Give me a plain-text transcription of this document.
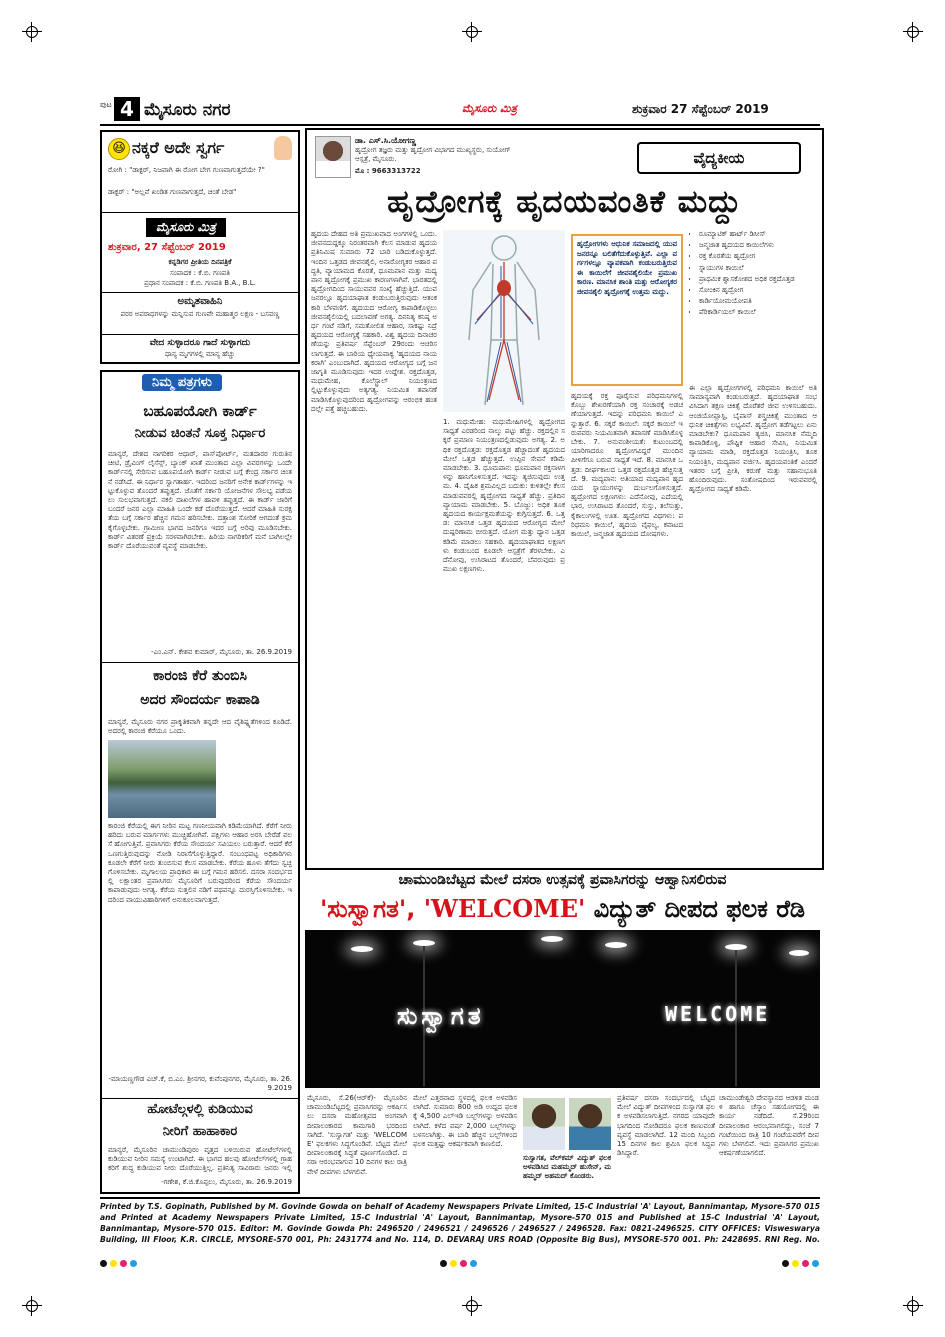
ಪುಟ 4 ಮೈಸೂರು ನಗರ	ಮೈಸೂರು ಮಿತ್ರ	ಶುಕ್ರವಾರ 27 ಸೆಪ್ಟೆಂಬರ್ 2019
😆 ನಕ್ಕರೆ ಅದೇ ಸ್ವರ್ಗ
ರೋಗಿ : "ಡಾಕ್ಟರ್, ನಿಜವಾಗಿ ಈ ರೋಗ ಬೇಗ ಗುಣವಾಗುತ್ತದೆಯೇ ?"
ಡಾಕ್ಟರ್ : "ಅಲ್ಲವೆ ಖಂಡಿತ ಗುಣವಾಗುತ್ತದೆ, ಚಿಂತೆ ಬೇಡ"
ಮೈಸೂರು ಮಿತ್ರ
ಶುಕ್ರವಾರ, 27 ಸೆಪ್ಟೆಂಬರ್ 2019
ಕನ್ನಡಿಗರ ಪ್ರೀತಿಯ ದಿನಪತ್ರಿಕೆ
ಸಂಪಾದಕ : ಕೆ.ಬಿ. ಗಣಪತಿ
ಪ್ರಧಾನ ಸಂಪಾದಕ : ಕೆ.ಬಿ. ಗಣಪತಿ B.A., B.L.
ಅಮೃತವಾಹಿನಿ
ಪರರ ಅಪರಾಧಗಳನ್ನು ಮನ್ನಿಸುವ ಗುಣವೇ ಮಹಾತ್ಮರ ಲಕ್ಷಣ - ಬಸವಣ್ಣ
ವೇದ ಸುಳ್ಳಾದರೂ ಗಾದೆ ಸುಳ್ಳಾಗದು
ಧಾನ್ಯ ಮೃಗಗಳಲ್ಲಿ ಮಾನ್ಯ ಹೆಚ್ಚು
ನಿಮ್ಮ ಪತ್ರಗಳು
ಬಹೂಪಯೋಗಿ ಕಾರ್ಡ್
ನೀಡುವ ಚಿಂತನೆ ಸೂಕ್ತ ನಿರ್ಧಾರ
ಮಾನ್ಯರೆ, ದೇಶದ ನಾಗರಿಕರ ಆಧಾರ್, ಪಾಸ್‌ಪೋರ್ಟ್, ಮತದಾರರ ಗುರುತಿನ ಚೀಟಿ, ಡ್ರೈವಿಂಗ್ ಲೈಸೆನ್ಸ್, ಬ್ಯಾಂಕ್ ಖಾತೆ ಮುಂತಾದ ಎಲ್ಲಾ ವಿವರಗಳನ್ನು ಒಂದೇ ಕಾರ್ಡ್‌ನಲ್ಲಿ ಸೇರಿಸುವ ಬಹೂಪಯೋಗಿ ಕಾರ್ಡ್ ನೀಡುವ ಬಗ್ಗೆ ಕೇಂದ್ರ ಸರ್ಕಾರ ಚಿಂತನೆ ನಡೆಸಿದೆ. ಈ ನಿರ್ಧಾರ ಸ್ವಾಗತಾರ್ಹ. ಇದರಿಂದ ಜನರಿಗೆ ಅನೇಕ ಕಾರ್ಡ್‌ಗಳನ್ನು ಇಟ್ಟುಕೊಳ್ಳುವ ತೊಂದರೆ ತಪ್ಪುತ್ತದೆ. ಜೊತೆಗೆ ಸರ್ಕಾರಿ ಯೋಜನೆಗಳ ಸೌಲಭ್ಯ ಪಡೆಯಲು ಸುಲಭವಾಗುತ್ತದೆ. ನಕಲಿ ದಾಖಲೆಗಳ ಹಾವಳಿ ತಪ್ಪುತ್ತದೆ. ಈ ಕಾರ್ಡ್ ಜಾರಿಗೆ ಬಂದರೆ ಜನರ ಎಲ್ಲಾ ಮಾಹಿತಿ ಒಂದೇ ಕಡೆ ದೊರೆಯುತ್ತದೆ. ಆದರೆ ಮಾಹಿತಿ ಸುರಕ್ಷತೆಯ ಬಗ್ಗೆ ಸರ್ಕಾರ ಹೆಚ್ಚಿನ ಗಮನ ಹರಿಸಬೇಕು. ದತ್ತಾಂಶ ಸೋರಿಕೆ ಆಗದಂತೆ ಕ್ರಮ ಕೈಗೊಳ್ಳಬೇಕು. ಗ್ರಾಮೀಣ ಭಾಗದ ಜನರಿಗೂ ಇದರ ಬಗ್ಗೆ ಅರಿವು ಮೂಡಿಸಬೇಕು. ಕಾರ್ಡ್ ವಿತರಣೆ ಪ್ರಕ್ರಿಯೆ ಸರಳವಾಗಿರಬೇಕು. ಹಿರಿಯ ನಾಗರಿಕರಿಗೆ ಮನೆ ಬಾಗಿಲಲ್ಲೇ ಕಾರ್ಡ್ ದೊರೆಯುವಂತೆ ವ್ಯವಸ್ಥೆ ಮಾಡಬೇಕು.
-ಎಂ.ಎನ್. ಕೇಶವ ಕುಮಾರ್, ಮೈಸೂರು, ತಾ. 26.9.2019
ಕಾರಂಜಿ ಕೆರೆ ತುಂಬಿಸಿ
ಅದರ ಸೌಂದರ್ಯ ಕಾಪಾಡಿ
ಮಾನ್ಯರೆ, ಮೈಸೂರು ನಗರ ಪ್ರಾಕೃತಿಕವಾಗಿ ತನ್ನದೇ ಆದ ವೈಶಿಷ್ಟ್ಯತೆಗಳಿಂದ ಕೂಡಿದೆ. ಅದರಲ್ಲಿ ಕಾರಂಜಿ ಕೆರೆಯೂ ಒಂದು.
ಕಾರಂಜಿ ಕೆರೆಯಲ್ಲಿ ಈಗ ನೀರಿನ ಮಟ್ಟ ಗಣನೀಯವಾಗಿ ಕಡಿಮೆಯಾಗಿದೆ. ಕೆರೆಗೆ ನೀರು ಹರಿದು ಬರುವ ಮಾರ್ಗಗಳು ಮುಚ್ಚಿಹೋಗಿವೆ. ಪಕ್ಷಿಗಳು ಆಹಾರ ಅರಸಿ ಬೇರೆಡೆ ವಲಸೆ ಹೋಗುತ್ತಿವೆ. ಪ್ರವಾಸಿಗರು ಕೆರೆಯ ಸೌಂದರ್ಯ ಸವಿಯಲು ಬರುತ್ತಾರೆ. ಆದರೆ ಕೆರೆ ಒಣಗುತ್ತಿರುವುದನ್ನು ನೋಡಿ ನಿರಾಸೆಗೊಳ್ಳುತ್ತಿದ್ದಾರೆ. ಸಂಬಂಧಪಟ್ಟ ಅಧಿಕಾರಿಗಳು ಕೂಡಲೇ ಕೆರೆಗೆ ನೀರು ತುಂಬಿಸುವ ಕೆಲಸ ಮಾಡಬೇಕು. ಕೆರೆಯ ಹೂಳು ತೆಗೆದು ಸ್ವಚ್ಛಗೊಳಿಸಬೇಕು. ಮೃಗಾಲಯ ಪ್ರಾಧಿಕಾರ ಈ ಬಗ್ಗೆ ಗಮನ ಹರಿಸಲಿ. ದಸರಾ ಸಂದರ್ಭದಲ್ಲಿ ಲಕ್ಷಾಂತರ ಪ್ರವಾಸಿಗರು ಮೈಸೂರಿಗೆ ಬರುವುದರಿಂದ ಕೆರೆಯ ಸೌಂದರ್ಯ ಕಾಪಾಡುವುದು ಅಗತ್ಯ. ಕೆರೆಯ ಸುತ್ತಲಿನ ನಡಿಗೆ ಪಥವನ್ನೂ ದುರಸ್ತಿಗೊಳಿಸಬೇಕು. ಇದರಿಂದ ವಾಯುವಿಹಾರಿಗಳಿಗೆ ಅನುಕೂಲವಾಗುತ್ತದೆ.
-ಮಾಯಣ್ಣಗೌಡ ಎಚ್.ಕೆ, ಬಿ.ಎಂ. ಶ್ರೀನಗರ, ಕುವೆಂಪುನಗರ, ಮೈಸೂರು, ತಾ. 26.9.2019
ಹೋಟೆಲ್ಗಳಲ್ಲಿ ಕುಡಿಯುವ
ನೀರಿಗೆ ಹಾಹಾಕಾರ
ಮಾನ್ಯರೆ, ಮೈಸೂರಿನ ಚಾಮುಂಡಿಪುರಂ ವೃತ್ತದ ಬಳಿಯಿರುವ ಹೋಟೆಲ್‌ಗಳಲ್ಲಿ ಕುಡಿಯುವ ನೀರಿನ ಸಮಸ್ಯೆ ಉಂಟಾಗಿದೆ. ಈ ಭಾಗದ ಹಲವು ಹೋಟೆಲ್‌ಗಳಲ್ಲಿ ಗ್ರಾಹಕರಿಗೆ ಶುದ್ಧ ಕುಡಿಯುವ ನೀರು ದೊರೆಯುತ್ತಿಲ್ಲ. ಪ್ರತಿನಿತ್ಯ ಸಾವಿರಾರು ಜನರು ಇಲ್ಲಿ
-ಗಣೇಶ, ಕೆ.ಜಿ.ಕೊಪ್ಪಲು, ಮೈಸೂರು, ತಾ. 26.9.2019
ಡಾ. ಎಸ್.ಸಿ.ಯೋಗಣ್ಣ
ಹೃದ್ರೋಗ ತಜ್ಞರು ಮತ್ತು ಹೃದ್ರೋಗ ವಿಭಾಗದ ಮುಖ್ಯಸ್ಥರು, ಸುಯೋಗ್ ಆಸ್ಪತ್ರೆ, ಮೈಸೂರು.
ಮೊ : 9663313722
ವೈದ್ಯಕೀಯ
ಹೃದ್ರೋಗಕ್ಕೆ ಹೃದಯವಂತಿಕೆ ಮದ್ದು
ಹೃದಯ ದೇಹದ ಅತಿ ಪ್ರಮುಖವಾದ ಅಂಗಗಳಲ್ಲಿ ಒಂದು. ಜೀವನದುದ್ದಕ್ಕೂ ನಿರಂತರವಾಗಿ ಕೆಲಸ ಮಾಡುವ ಹೃದಯ ಪ್ರತಿನಿಮಿಷ ಸುಮಾರು 72 ಬಾರಿ ಬಡಿದುಕೊಳ್ಳುತ್ತದೆ. ಇಂದಿನ ಒತ್ತಡದ ಜೀವನಶೈಲಿ, ಅನಾರೋಗ್ಯಕರ ಆಹಾರ ಪದ್ಧತಿ, ವ್ಯಾಯಾಮದ ಕೊರತೆ, ಧೂಮಪಾನ ಮತ್ತು ಮದ್ಯಪಾನ ಹೃದ್ರೋಗಕ್ಕೆ ಪ್ರಮುಖ ಕಾರಣಗಳಾಗಿವೆ. ಭಾರತದಲ್ಲಿ ಹೃದ್ರೋಗದಿಂದ ಸಾಯುವವರ ಸಂಖ್ಯೆ ಹೆಚ್ಚುತ್ತಿದೆ. ಯುವಜನರಲ್ಲೂ ಹೃದಯಾಘಾತ ಕಂಡುಬರುತ್ತಿರುವುದು ಆತಂಕಕಾರಿ ಬೆಳವಣಿಗೆ. ಹೃದಯದ ಆರೋಗ್ಯ ಕಾಪಾಡಿಕೊಳ್ಳಲು ಜೀವನಶೈಲಿಯಲ್ಲಿ ಬದಲಾವಣೆ ಅಗತ್ಯ. ದಿನನಿತ್ಯ ಕನಿಷ್ಠ ಅರ್ಧ ಗಂಟೆ ನಡಿಗೆ, ಸಮತೋಲಿತ ಆಹಾರ, ಸಾಕಷ್ಟು ನಿದ್ರೆ ಹೃದಯದ ಆರೋಗ್ಯಕ್ಕೆ ಸಹಕಾರಿ. ವಿಶ್ವ ಹೃದಯ ದಿನಾಚರಣೆಯನ್ನು ಪ್ರತಿವರ್ಷ ಸೆಪ್ಟೆಂಬರ್ 29ರಂದು ಆಚರಿಸಲಾಗುತ್ತದೆ. ಈ ಬಾರಿಯ ಧ್ಯೇಯವಾಕ್ಯ 'ಹೃದಯದ ನಾಯಕರಾಗಿ' ಎಂಬುದಾಗಿದೆ. ಹೃದಯದ ಆರೋಗ್ಯದ ಬಗ್ಗೆ ಜನಜಾಗೃತಿ ಮೂಡಿಸುವುದು ಇದರ ಉದ್ದೇಶ. ರಕ್ತದೊತ್ತಡ, ಮಧುಮೇಹ, ಕೊಲೆಸ್ಟ್ರಾಲ್ ನಿಯಂತ್ರಣದಲ್ಲಿಟ್ಟುಕೊಳ್ಳುವುದು ಅತ್ಯಗತ್ಯ. ನಿಯಮಿತ ತಪಾಸಣೆ ಮಾಡಿಸಿಕೊಳ್ಳುವುದರಿಂದ ಹೃದ್ರೋಗವನ್ನು ಆರಂಭಿಕ ಹಂತದಲ್ಲೇ ಪತ್ತೆ ಹಚ್ಚಬಹುದು.
1. ಮಧುಮೇಹ: ಮಧುಮೇಹಿಗಳಲ್ಲಿ ಹೃದ್ರೋಗದ ಸಾಧ್ಯತೆ ಎರಡರಿಂದ ನಾಲ್ಕು ಪಟ್ಟು ಹೆಚ್ಚು. ರಕ್ತದಲ್ಲಿನ ಸಕ್ಕರೆ ಪ್ರಮಾಣ ನಿಯಂತ್ರಣದಲ್ಲಿಡುವುದು ಅಗತ್ಯ. 2. ಅಧಿಕ ರಕ್ತದೊತ್ತಡ: ರಕ್ತದೊತ್ತಡ ಹೆಚ್ಚಾದಂತೆ ಹೃದಯದ ಮೇಲೆ ಒತ್ತಡ ಹೆಚ್ಚುತ್ತದೆ. ಉಪ್ಪಿನ ಸೇವನೆ ಕಡಿಮೆ ಮಾಡಬೇಕು. 3. ಧೂಮಪಾನ: ಧೂಮಪಾನ ರಕ್ತನಾಳಗಳನ್ನು ಹಾನಿಗೊಳಿಸುತ್ತದೆ. ಇದನ್ನು ತ್ಯಜಿಸುವುದು ಉತ್ತಮ. 4. ದೈಹಿಕ ಶ್ರಮವಿಲ್ಲದ ಬದುಕು: ಕುಳಿತಲ್ಲೇ ಕೆಲಸ ಮಾಡುವವರಲ್ಲಿ ಹೃದ್ರೋಗದ ಸಾಧ್ಯತೆ ಹೆಚ್ಚು. ಪ್ರತಿದಿನ ವ್ಯಾಯಾಮ ಮಾಡಬೇಕು. 5. ಬೊಜ್ಜು: ಅಧಿಕ ತೂಕ ಹೃದಯದ ಕಾರ್ಯಕ್ಷಮತೆಯನ್ನು ಕುಗ್ಗಿಸುತ್ತದೆ. 6. ಒತ್ತಡ: ಮಾನಸಿಕ ಒತ್ತಡ ಹೃದಯದ ಆರೋಗ್ಯದ ಮೇಲೆ ದುಷ್ಪರಿಣಾಮ ಬೀರುತ್ತದೆ. ಯೋಗ ಮತ್ತು ಧ್ಯಾನ ಒತ್ತಡ ಕಡಿಮೆ ಮಾಡಲು ಸಹಕಾರಿ. ಹೃದಯಾಘಾತದ ಲಕ್ಷಣಗಳು ಕಂಡುಬಂದ ಕೂಡಲೇ ಆಸ್ಪತ್ರೆಗೆ ತೆರಳಬೇಕು. ಎದೆನೋವು, ಉಸಿರಾಟದ ತೊಂದರೆ, ಬೆವರುವುದು ಪ್ರಮುಖ ಲಕ್ಷಣಗಳು.
ಹೃದ್ರೋಗಗಳು ಆಧುನಿಕ ಸಮಾಜದಲ್ಲಿ ಯುವಜನರನ್ನೂ ಬಲಿತೆಗೆದುಕೊಳ್ಳುತ್ತಿವೆ. ಎಲ್ಲಾ ವರ್ಗಗಳಲ್ಲೂ ವ್ಯಾಪಕವಾಗಿ ಕಂಡುಬರುತ್ತಿರುವ ಈ ಕಾಯಿಲೆಗೆ ಜೀವನಶೈಲಿಯೇ ಪ್ರಮುಖ ಕಾರಣ. ಮಾನಸಿಕ ಶಾಂತಿ ಮತ್ತು ಆರೋಗ್ಯಕರ ಜೀವನಶೈಲಿ ಹೃದ್ರೋಗಕ್ಕೆ ಉತ್ತಮ ಮದ್ದು.
ಹೃದಯಕ್ಕೆ ರಕ್ತ ಪೂರೈಸುವ ಪರಿಧಮನಿಗಳಲ್ಲಿ ಕೊಬ್ಬು ಶೇಖರಣೆಯಾಗಿ ರಕ್ತ ಸಂಚಾರಕ್ಕೆ ಅಡಚಣೆಯಾಗುತ್ತದೆ. ಇದನ್ನು ಪರಿಧಮನಿ ಕಾಯಿಲೆ ಎನ್ನುತ್ತಾರೆ. 6. ಸಕ್ಕರೆ ಕಾಯಿಲೆ: ಸಕ್ಕರೆ ಕಾಯಿಲೆ ಇರುವವರು ನಿಯಮಿತವಾಗಿ ತಪಾಸಣೆ ಮಾಡಿಸಿಕೊಳ್ಳಬೇಕು. 7. ಅನುವಂಶೀಯತೆ: ಕುಟುಂಬದಲ್ಲಿ ಯಾರಿಗಾದರೂ ಹೃದ್ರೋಗವಿದ್ದರೆ ಮುಂದಿನ ಪೀಳಿಗೆಗೂ ಬರುವ ಸಾಧ್ಯತೆ ಇದೆ. 8. ಮಾನಸಿಕ ಒತ್ತಡ: ದೀರ್ಘಕಾಲದ ಒತ್ತಡ ರಕ್ತದೊತ್ತಡ ಹೆಚ್ಚಿಸುತ್ತದೆ. 9. ಮದ್ಯಪಾನ: ಅತಿಯಾದ ಮದ್ಯಪಾನ ಹೃದಯದ ಸ್ನಾಯುಗಳನ್ನು ದುರ್ಬಲಗೊಳಿಸುತ್ತದೆ. ಹೃದ್ರೋಗದ ಲಕ್ಷಣಗಳು: ಎದೆನೋವು, ಎದೆಯಲ್ಲಿ ಭಾರ, ಉಸಿರಾಟದ ತೊಂದರೆ, ಸುಸ್ತು, ತಲೆಸುತ್ತು, ಕೈಕಾಲುಗಳಲ್ಲಿ ಊತ. ಹೃದ್ರೋಗದ ವಿಧಗಳು: ಪರಿಧಮನಿ ಕಾಯಿಲೆ, ಹೃದಯ ವೈಫಲ್ಯ, ಕವಾಟದ ಕಾಯಿಲೆ, ಜನ್ಮಜಾತ ಹೃದಯದ ದೋಷಗಳು.
• ರೂಮ್ಯಾಟಿಕ್ ಹಾರ್ಟ್ ಡಿಸೀಸ್
• ಜನ್ಮಜಾತ ಹೃದಯದ ಕಾಯಿಲೆಗಳು
• ರಕ್ತ ಕೊರತೆಯ ಹೃದ್ರೋಗ
• ಸ್ನಾಯುಗಳ ಕಾಯಿಲೆ
• ಪ್ರಾಥಮಿಕ ಶ್ವಾಸಕೋಶದ ಅಧಿಕ ರಕ್ತದೊತ್ತಡ
• ಸೋಂಕಿನ ಹೃದ್ರೋಗ
• ಕಾರ್ಡಿಯೋಮಯೋಪತಿ
• ಪೆರಿಕಾರ್ಡಿಯಲ್ ಕಾಯಿಲೆ
ಈ ಎಲ್ಲಾ ಹೃದ್ರೋಗಗಳಲ್ಲಿ ಪರಿಧಮನಿ ಕಾಯಿಲೆ ಅತಿ ಸಾಮಾನ್ಯವಾಗಿ ಕಂಡುಬರುತ್ತದೆ. ಹೃದಯಾಘಾತ ಸಂಭವಿಸಿದಾಗ ತಕ್ಷಣ ಚಿಕಿತ್ಸೆ ದೊರೆತರೆ ಜೀವ ಉಳಿಸಬಹುದು. ಆಂಜಿಯೋಪ್ಲಾಸ್ಟಿ, ಬೈಪಾಸ್ ಶಸ್ತ್ರಚಿಕಿತ್ಸೆ ಮುಂತಾದ ಆಧುನಿಕ ಚಿಕಿತ್ಸೆಗಳು ಲಭ್ಯವಿವೆ. ಹೃದ್ರೋಗ ತಡೆಗಟ್ಟಲು ಏನು ಮಾಡಬೇಕು? ಧೂಮಪಾನ ತ್ಯಜಿಸಿ, ಮಾನಸಿಕ ನೆಮ್ಮದಿ ಕಾಪಾಡಿಕೊಳ್ಳಿ, ಪೌಷ್ಟಿಕ ಆಹಾರ ಸೇವಿಸಿ, ನಿಯಮಿತ ವ್ಯಾಯಾಮ ಮಾಡಿ, ರಕ್ತದೊತ್ತಡ ನಿಯಂತ್ರಿಸಿ, ತೂಕ ನಿಯಂತ್ರಿಸಿ, ಮದ್ಯಪಾನ ವರ್ಜಿಸಿ. ಹೃದಯವಂತಿಕೆ ಎಂದರೆ ಇತರರ ಬಗ್ಗೆ ಪ್ರೀತಿ, ಕರುಣೆ ಮತ್ತು ಸಹಾನುಭೂತಿ ಹೊಂದಿರುವುದು. ಸಂತೋಷದಿಂದ ಇರುವವರಲ್ಲಿ ಹೃದ್ರೋಗದ ಸಾಧ್ಯತೆ ಕಡಿಮೆ.
ಚಾಮುಂಡಿಬೆಟ್ಟದ ಮೇಲೆ ದಸರಾ ಉತ್ಸವಕ್ಕೆ ಪ್ರವಾಸಿಗರನ್ನು ಆಹ್ವಾನಿಸಲಿರುವ
'ಸುಸ್ವಾಗತ', 'WELCOME' ವಿದ್ಯುತ್ ದೀಪದ ಫಲಕ ರೆಡಿ
ಸುಸ್ವಾಗತ	WELCOME
ಮೈಸೂರು, ಸೆ.26(ಆರ್‌ಕೆ)- ಮೈಸೂರಿನ ಚಾಮುಂಡಿಬೆಟ್ಟದಲ್ಲಿ ಪ್ರವಾಸಿಗರನ್ನು ಆಕರ್ಷಿಸಲು ದಸರಾ ಮಹೋತ್ಸವದ ಅಂಗವಾಗಿ ದೀಪಾಲಂಕಾರದ ಕಾಮಗಾರಿ ಭರದಿಂದ ಸಾಗಿದೆ. 'ಸುಸ್ವಾಗತ' ಮತ್ತು 'WELCOME' ಫಲಕಗಳು ಸಿದ್ಧಗೊಂಡಿವೆ. ಬೆಟ್ಟದ ಮೇಲೆ ದೀಪಾಲಂಕಾರಕ್ಕೆ ಸಿದ್ಧತೆ ಪೂರ್ಣಗೊಂಡಿದೆ. ದಸರಾ ಆರಂಭವಾಗುವ 10 ದಿನಗಳ ಕಾಲ ರಾತ್ರಿ ವೇಳೆ ದೀಪಗಳು ಬೆಳಗಲಿವೆ.
ಮೇಲೆ ಎತ್ತರವಾದ ಸ್ಥಳದಲ್ಲಿ ಫಲಕ ಅಳವಡಿಸಲಾಗಿದೆ. ಸುಮಾರು 800 ಅಡಿ ಉದ್ದದ ಫಲಕಕ್ಕೆ 4,500 ಎಲ್‌ಇಡಿ ಬಲ್ಬ್‌ಗಳನ್ನು ಅಳವಡಿಸಲಾಗಿದೆ. ಕಳೆದ ವರ್ಷ 2,000 ಬಲ್ಬ್‌ಗಳನ್ನು ಬಳಸಲಾಗಿತ್ತು. ಈ ಬಾರಿ ಹೆಚ್ಚಿನ ಬಲ್ಬ್‌ಗಳಿಂದ ಫಲಕ ಮತ್ತಷ್ಟು ಆಕರ್ಷಕವಾಗಿ ಕಾಣಲಿದೆ.
ಸುಸ್ವಾಗತ, ವೆಲ್‌ಕಮ್ ವಿದ್ಯುತ್ ಫಲಕ ಅಳವಡಿಸಿದ ಮಹಮ್ಮದ್ ಹುಸೇನ್, ಮಹಮ್ಮದ್ ಅಹಮದ್ ಕೊಂಡರು.
ಪ್ರತಿವರ್ಷ ದಸರಾ ಸಂದರ್ಭದಲ್ಲಿ ಬೆಟ್ಟದ ಮೇಲೆ ವಿದ್ಯುತ್ ದೀಪಗಳಿಂದ ಸುಸ್ವಾಗತ ಫಲಕ ಅಳವಡಿಸಲಾಗುತ್ತಿದೆ. ನಗರದ ಯಾವುದೇ ಭಾಗದಿಂದ ನೋಡಿದರೂ ಫಲಕ ಕಾಣುವಂತೆ ವ್ಯವಸ್ಥೆ ಮಾಡಲಾಗಿದೆ. 12 ಮಂದಿ ಸಿಬ್ಬಂದಿ 15 ದಿನಗಳ ಕಾಲ ಶ್ರಮಿಸಿ ಫಲಕ ಸಿದ್ಧಪಡಿಸಿದ್ದಾರೆ.
ಚಾಮುಂಡೇಶ್ವರಿ ದೇವಸ್ಥಾನದ ಆಡಳಿತ ಮಂಡಳಿ ಹಾಗೂ ಚೆಸ್ಕಾಂ ಸಹಯೋಗದಲ್ಲಿ ಈ ಕಾರ್ಯ ನಡೆದಿದೆ. ಸೆ.29ರಿಂದ ದೀಪಾಲಂಕಾರ ಆರಂಭವಾಗಲಿದ್ದು, ಸಂಜೆ 7 ಗಂಟೆಯಿಂದ ರಾತ್ರಿ 10 ಗಂಟೆಯವರೆಗೆ ದೀಪಗಳು ಬೆಳಗಲಿವೆ. ಇದು ಪ್ರವಾಸಿಗರ ಪ್ರಮುಖ ಆಕರ್ಷಣೆಯಾಗಲಿದೆ.
Printed by T.S. Gopinath, Published by M. Govinde Gowda on behalf of Academy Newspapers Private Limited, 15-C Industrial 'A' Layout, Bannimantap, Mysore-570 015 and Printed at Academy Newspapers Private Limited, 15-C Industrial 'A' Layout, Bannimantap, Mysore-570 015 and Published at 15-C Industrial 'A' Layout, Bannimantap, Mysore-570 015. Editor: M. Govinde Gowda Ph: 2496520 / 2496521 / 2496526 / 2496527 / 2496528. Fax: 0821-2496525. CITY OFFICES: Visweswarya Building, III Floor, K.R. CIRCLE, MYSORE-570 001, Ph: 2431774 and No. 114, D. DEVARAJ URS ROAD (Opposite Big Bus), MYSORE-570 001. Ph: 2428695. RNI Reg. No.
